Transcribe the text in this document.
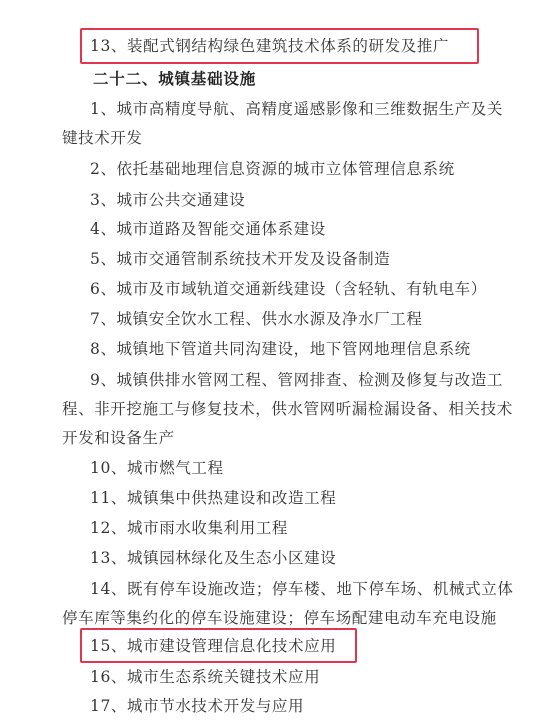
13、装配式钢结构绿色建筑技术体系的研发及推广
二十二、城镇基础设施
1、城市高精度导航、高精度遥感影像和三维数据生产及关
键技术开发
2、依托基础地理信息资源的城市立体管理信息系统
3、城市公共交通建设
4、城市道路及智能交通体系建设
5、城市交通管制系统技术开发及设备制造
6、城市及市域轨道交通新线建设（含轻轨、有轨电车）
7、城镇安全饮水工程、供水水源及净水厂工程
8、城镇地下管道共同沟建设，地下管网地理信息系统
9、城镇供排水管网工程、管网排查、检测及修复与改造工
程、非开挖施工与修复技术，供水管网听漏检漏设备、相关技术
开发和设备生产
10、城市燃气工程
11、城镇集中供热建设和改造工程
12、城市雨水收集利用工程
13、城镇园林绿化及生态小区建设
14、既有停车设施改造；停车楼、地下停车场、机械式立体
停车库等集约化的停车设施建设；停车场配建电动车充电设施
15、城市建设管理信息化技术应用
16、城市生态系统关键技术应用
17、城市节水技术开发与应用
